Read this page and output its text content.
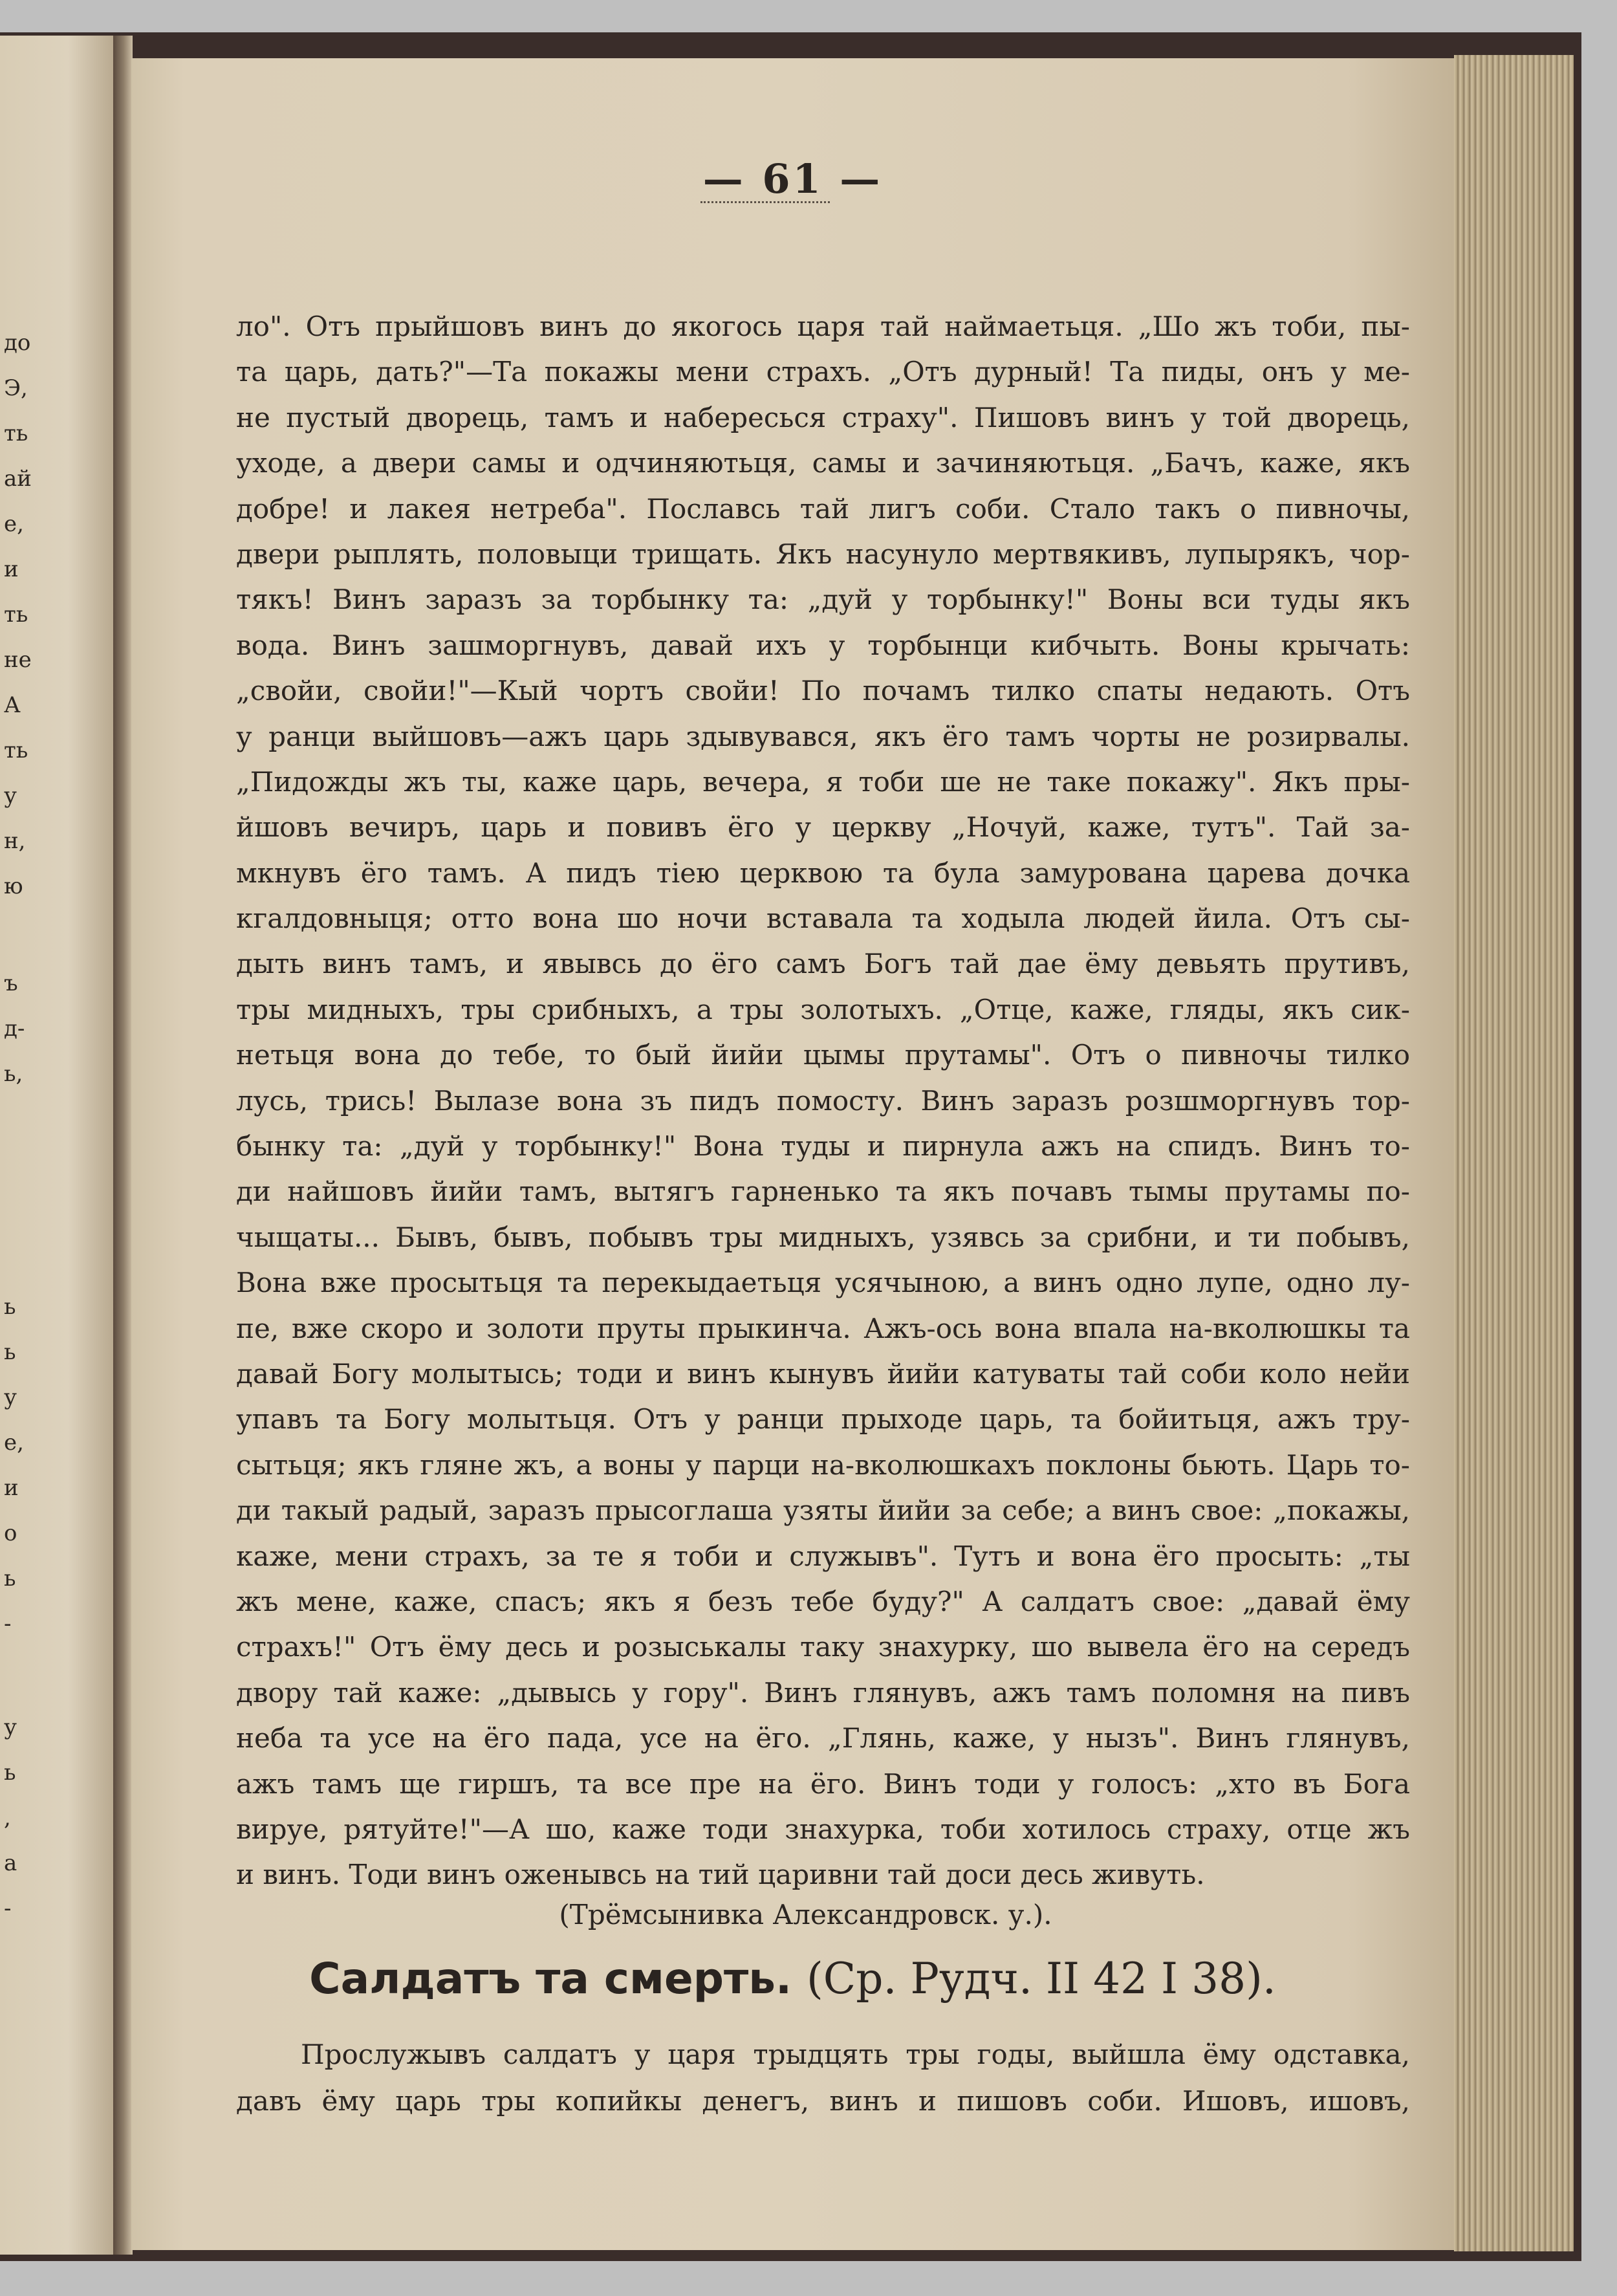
до
Э,
ть
ай
е,
и
ть
не
А
ть
у
н,
ю
ъ
д-
ь,
ь
ь
у
е,
и
о
ь
-
у
ь
,
а
-
— 61 —
ло". Отъ прыйшовъ винъ до якогось царя тай наймаетьця. „Шо жъ тоби, пы-
та царь, дать?"—Та покажы мени страхъ. „Отъ дурный! Та пиды, онъ у ме-
не пустый дворець, тамъ и набересься страху". Пишовъ винъ у той дворець,
уходе, а двери самы и одчиняютьця, самы и зачиняютьця. „Бачъ, каже, якъ
добре! и лакея нетреба". Пославсь тай лигъ соби. Стало такъ о пивночы,
двери рыплять, половыци трищать. Якъ насунуло мертвякивъ, лупырякъ, чор-
тякъ! Винъ заразъ за торбынку та: „дуй у торбынку!" Воны вси туды якъ
вода. Винъ зашморгнувъ, давай ихъ у торбынци кибчыть. Воны крычать:
„свойи, свойи!"—Кый чортъ свойи! По почамъ тилко спаты недають. Отъ
у ранци выйшовъ—ажъ царь здывувався, якъ ёго тамъ чорты не розирвалы.
„Пидожды жъ ты, каже царь, вечера, я тоби ше не таке покажу". Якъ пры-
йшовъ вечиръ, царь и повивъ ёго у церкву „Ночуй, каже, тутъ". Тай за-
мкнувъ ёго тамъ. А пидъ тіею церквою та була замурована царева дочка
кгалдовныця; отто вона шо ночи вставала та ходыла людей йила. Отъ сы-
дыть винъ тамъ, и явывсь до ёго самъ Богъ тай дае ёму девьять прутивъ,
тры мидныхъ, тры срибныхъ, а тры золотыхъ. „Отце, каже, гляды, якъ сик-
нетьця вона до тебе, то бый йийи цымы прутамы". Отъ о пивночы тилко
лусь, трись! Вылазе вона зъ пидъ помосту. Винъ заразъ розшморгнувъ тор-
бынку та: „дуй у торбынку!" Вона туды и пирнула ажъ на спидъ. Винъ то-
ди найшовъ йийи тамъ, вытягъ гарненько та якъ почавъ тымы прутамы по-
чыщаты... Бывъ, бывъ, побывъ тры мидныхъ, узявсь за срибни, и ти побывъ,
Вона вже просытьця та перекыдаетьця усячыною, а винъ одно лупе, одно лу-
пе, вже скоро и золоти пруты прыкинча. Ажъ-ось вона впала на-вколюшкы та
давай Богу молытысь; тоди и винъ кынувъ йийи катуваты тай соби коло нейи
упавъ та Богу молытьця. Отъ у ранци прыходе царь, та бойитьця, ажъ тру-
сытьця; якъ гляне жъ, а воны у парци на-вколюшкахъ поклоны бьють. Царь то-
ди такый радый, заразъ прысоглаша узяты йийи за себе; а винъ свое: „покажы,
каже, мени страхъ, за те я тоби и служывъ". Тутъ и вона ёго просыть: „ты
жъ мене, каже, спасъ; якъ я безъ тебе буду?" А салдатъ свое: „давай ёму
страхъ!" Отъ ёму десь и розыськалы таку знахурку, шо вывела ёго на середъ
двору тай каже: „дывысь у гору". Винъ глянувъ, ажъ тамъ поломня на пивъ
неба та усе на ёго пада, усе на ёго. „Глянь, каже, у нызъ". Винъ глянувъ,
ажъ тамъ ще гиршъ, та все пре на ёго. Винъ тоди у голосъ: „хто въ Бога
вируе, рятуйте!"—А шо, каже тоди знахурка, тоби хотилось страху, отце жъ
и винъ. Тоди винъ оженывсь на тий царивни тай доси десь живуть.
(Трёмсынивка Александровск. у.).
Салдатъ та смерть. (Ср. Рудч. II 42 I 38).
Прослужывъ салдатъ у царя трыдцять тры годы, выйшла ёму одставка,
давъ ёму царь тры копийкы денегъ, винъ и пишовъ соби. Ишовъ, ишовъ,
